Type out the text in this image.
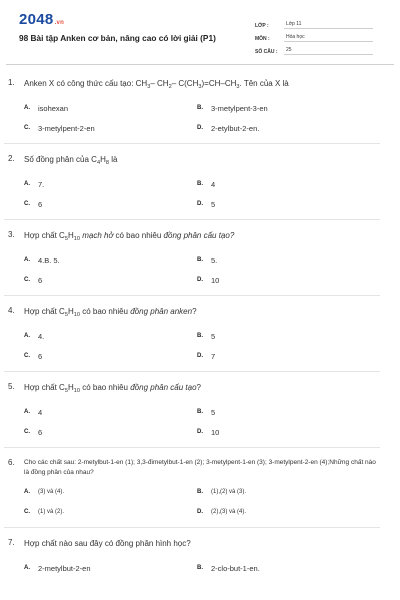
2048.vn
98 Bài tập Anken cơ bản, nâng cao có lời giải (P1)
LỚP :	Lớp 11
MÔN :	Hóa học
SỐ CÂU :	25
1.	Anken X có công thức cấu tạo: $CH_3-$ $CH_2-$ $C(CH_3)=CH-CH_3$. Tên của X là
A.	isohexan	B.	3-metylpent-3-en
C.	3-metylpent-2-en	D.	2-etylbut-2-en.
2.	Số đồng phân của $C_4H_8$ là
A.	7.	B.	4
C.	6	D.	5
3.	Hợp chất $C_5H_{10}$ mạch hở có bao nhiêu đồng phân cấu tạo?
A.	4.B. 5.	B.	5.
C.	6	D.	10
4.	Hợp chất $C_5H_{10}$ có bao nhiêu đồng phân anken?
A.	4.	B.	5
C.	6	D.	7
5.	Hợp chất $C_5H_{10}$ có bao nhiêu đồng phân cấu tạo?
A.	4	B.	5
C.	6	D.	10
6.	Cho các chất sau: 2-metylbut-1-en (1); 3,3-đimetylbut-1-en (2); 3-metylpent-1-en (3); 3-metylpent-2-en (4);Những chất nào là đồng phân của nhau?
A.	(3) và (4).	B.	(1),(2) và (3).
C.	(1) và (2).	D.	(2),(3) và (4).
7.	Hợp chất nào sau đây có đồng phân hình học?
A.	2-metylbut-2-en	B.	2-clo-but-1-en.
